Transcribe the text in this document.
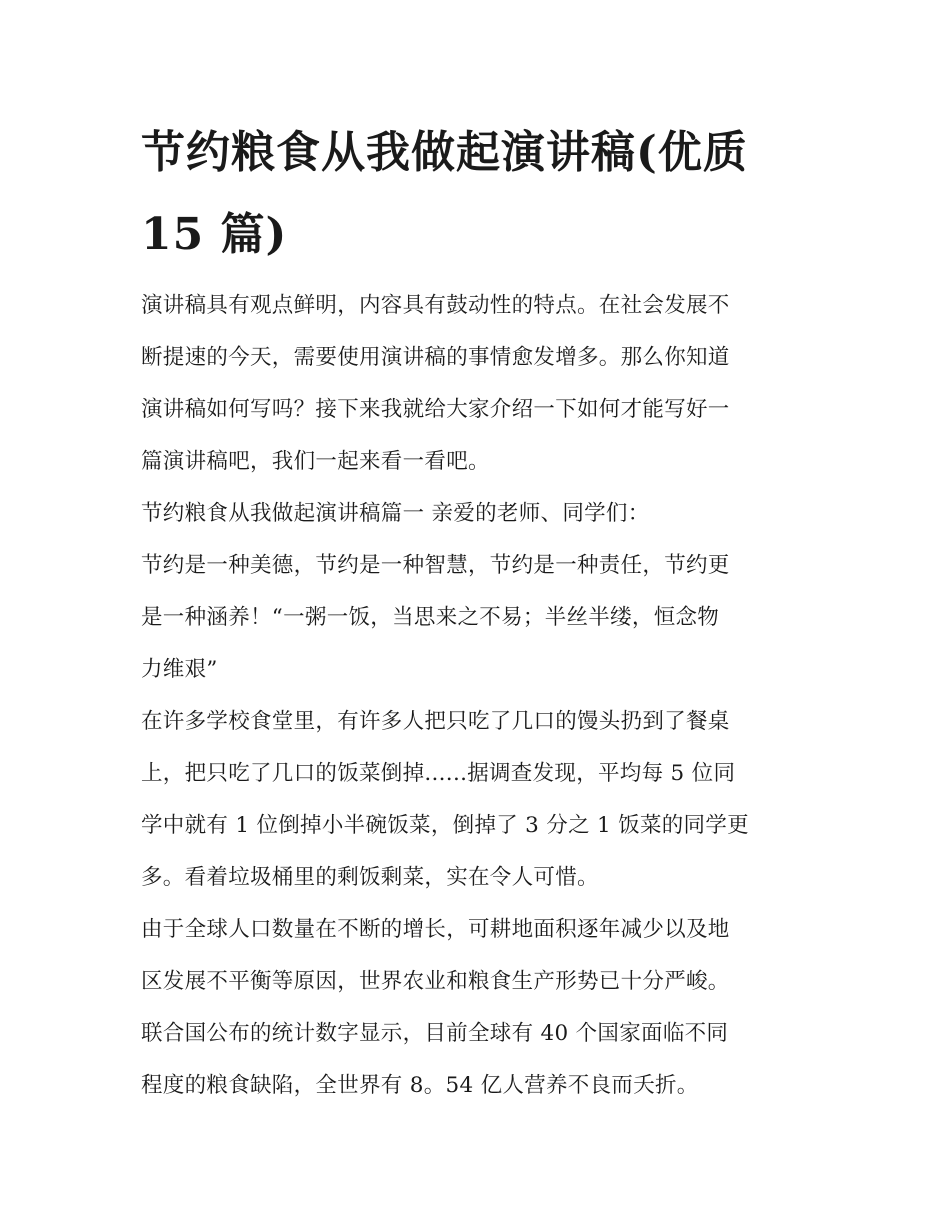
节约粮食从我做起演讲稿(优质
15 篇)

演讲稿具有观点鲜明，内容具有鼓动性的特点。在社会发展不
断提速的今天，需要使用演讲稿的事情愈发增多。那么你知道
演讲稿如何写吗？接下来我就给大家介绍一下如何才能写好一
篇演讲稿吧，我们一起来看一看吧。

节约粮食从我做起演讲稿篇一 亲爱的老师、同学们：

节约是一种美德，节约是一种智慧，节约是一种责任，节约更
是一种涵养！“一粥一饭，当思来之不易；半丝半缕，恒念物
力维艰”

在许多学校食堂里，有许多人把只吃了几口的馒头扔到了餐桌
上，把只吃了几口的饭菜倒掉......据调查发现，平均每 5 位同
学中就有 1 位倒掉小半碗饭菜，倒掉了 3 分之 1 饭菜的同学更
多。看着垃圾桶里的剩饭剩菜，实在令人可惜。

由于全球人口数量在不断的增长，可耕地面积逐年减少以及地
区发展不平衡等原因，世界农业和粮食生产形势已十分严峻。
联合国公布的统计数字显示，目前全球有 40 个国家面临不同
程度的粮食缺陷，全世界有 8。54 亿人营养不良而夭折。
